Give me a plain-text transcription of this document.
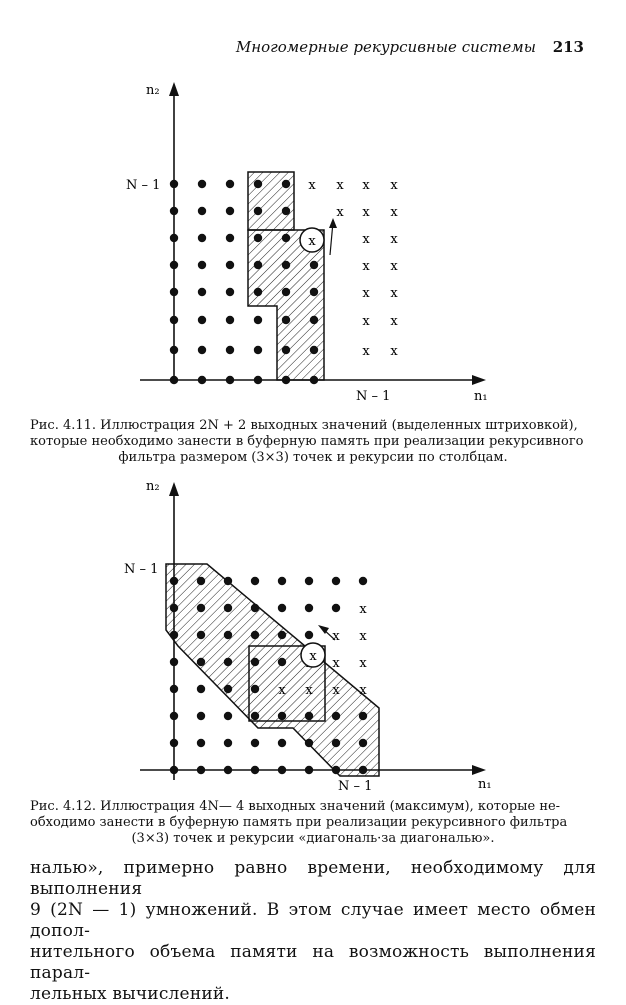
Многомерные рекурсивные системы 213
x x
x
x
x
x
x
x
x
x
x
x
x
x
x
x
x
x
n₂
n₁
N – 1
N – 1
Рис. 4.11. Иллюстрация 2N + 2 выходных значений (выделенных штриховкой),
которые необходимо занести в буферную память при реализации рекурсивного
фильтра размером (3×3) точек и рекурсии по столбцам.
x x x x
x x
x x
x
x
n₂
n₁
N – 1
N – 1
Рис. 4.12. Иллюстрация 4N— 4 выходных значений (максимум), которые не-
обходимо занести в буферную память при реализации рекурсивного фильтра
(3×3) точек и рекурсии «диагональ·за диагональю».
налью», примерно равно времени, необходимому для выполнения
9 (2N — 1) умножений. В этом случае имеет место обмен допол-
нительного объема памяти на возможность выполнения парал-
лельных вычислений.
